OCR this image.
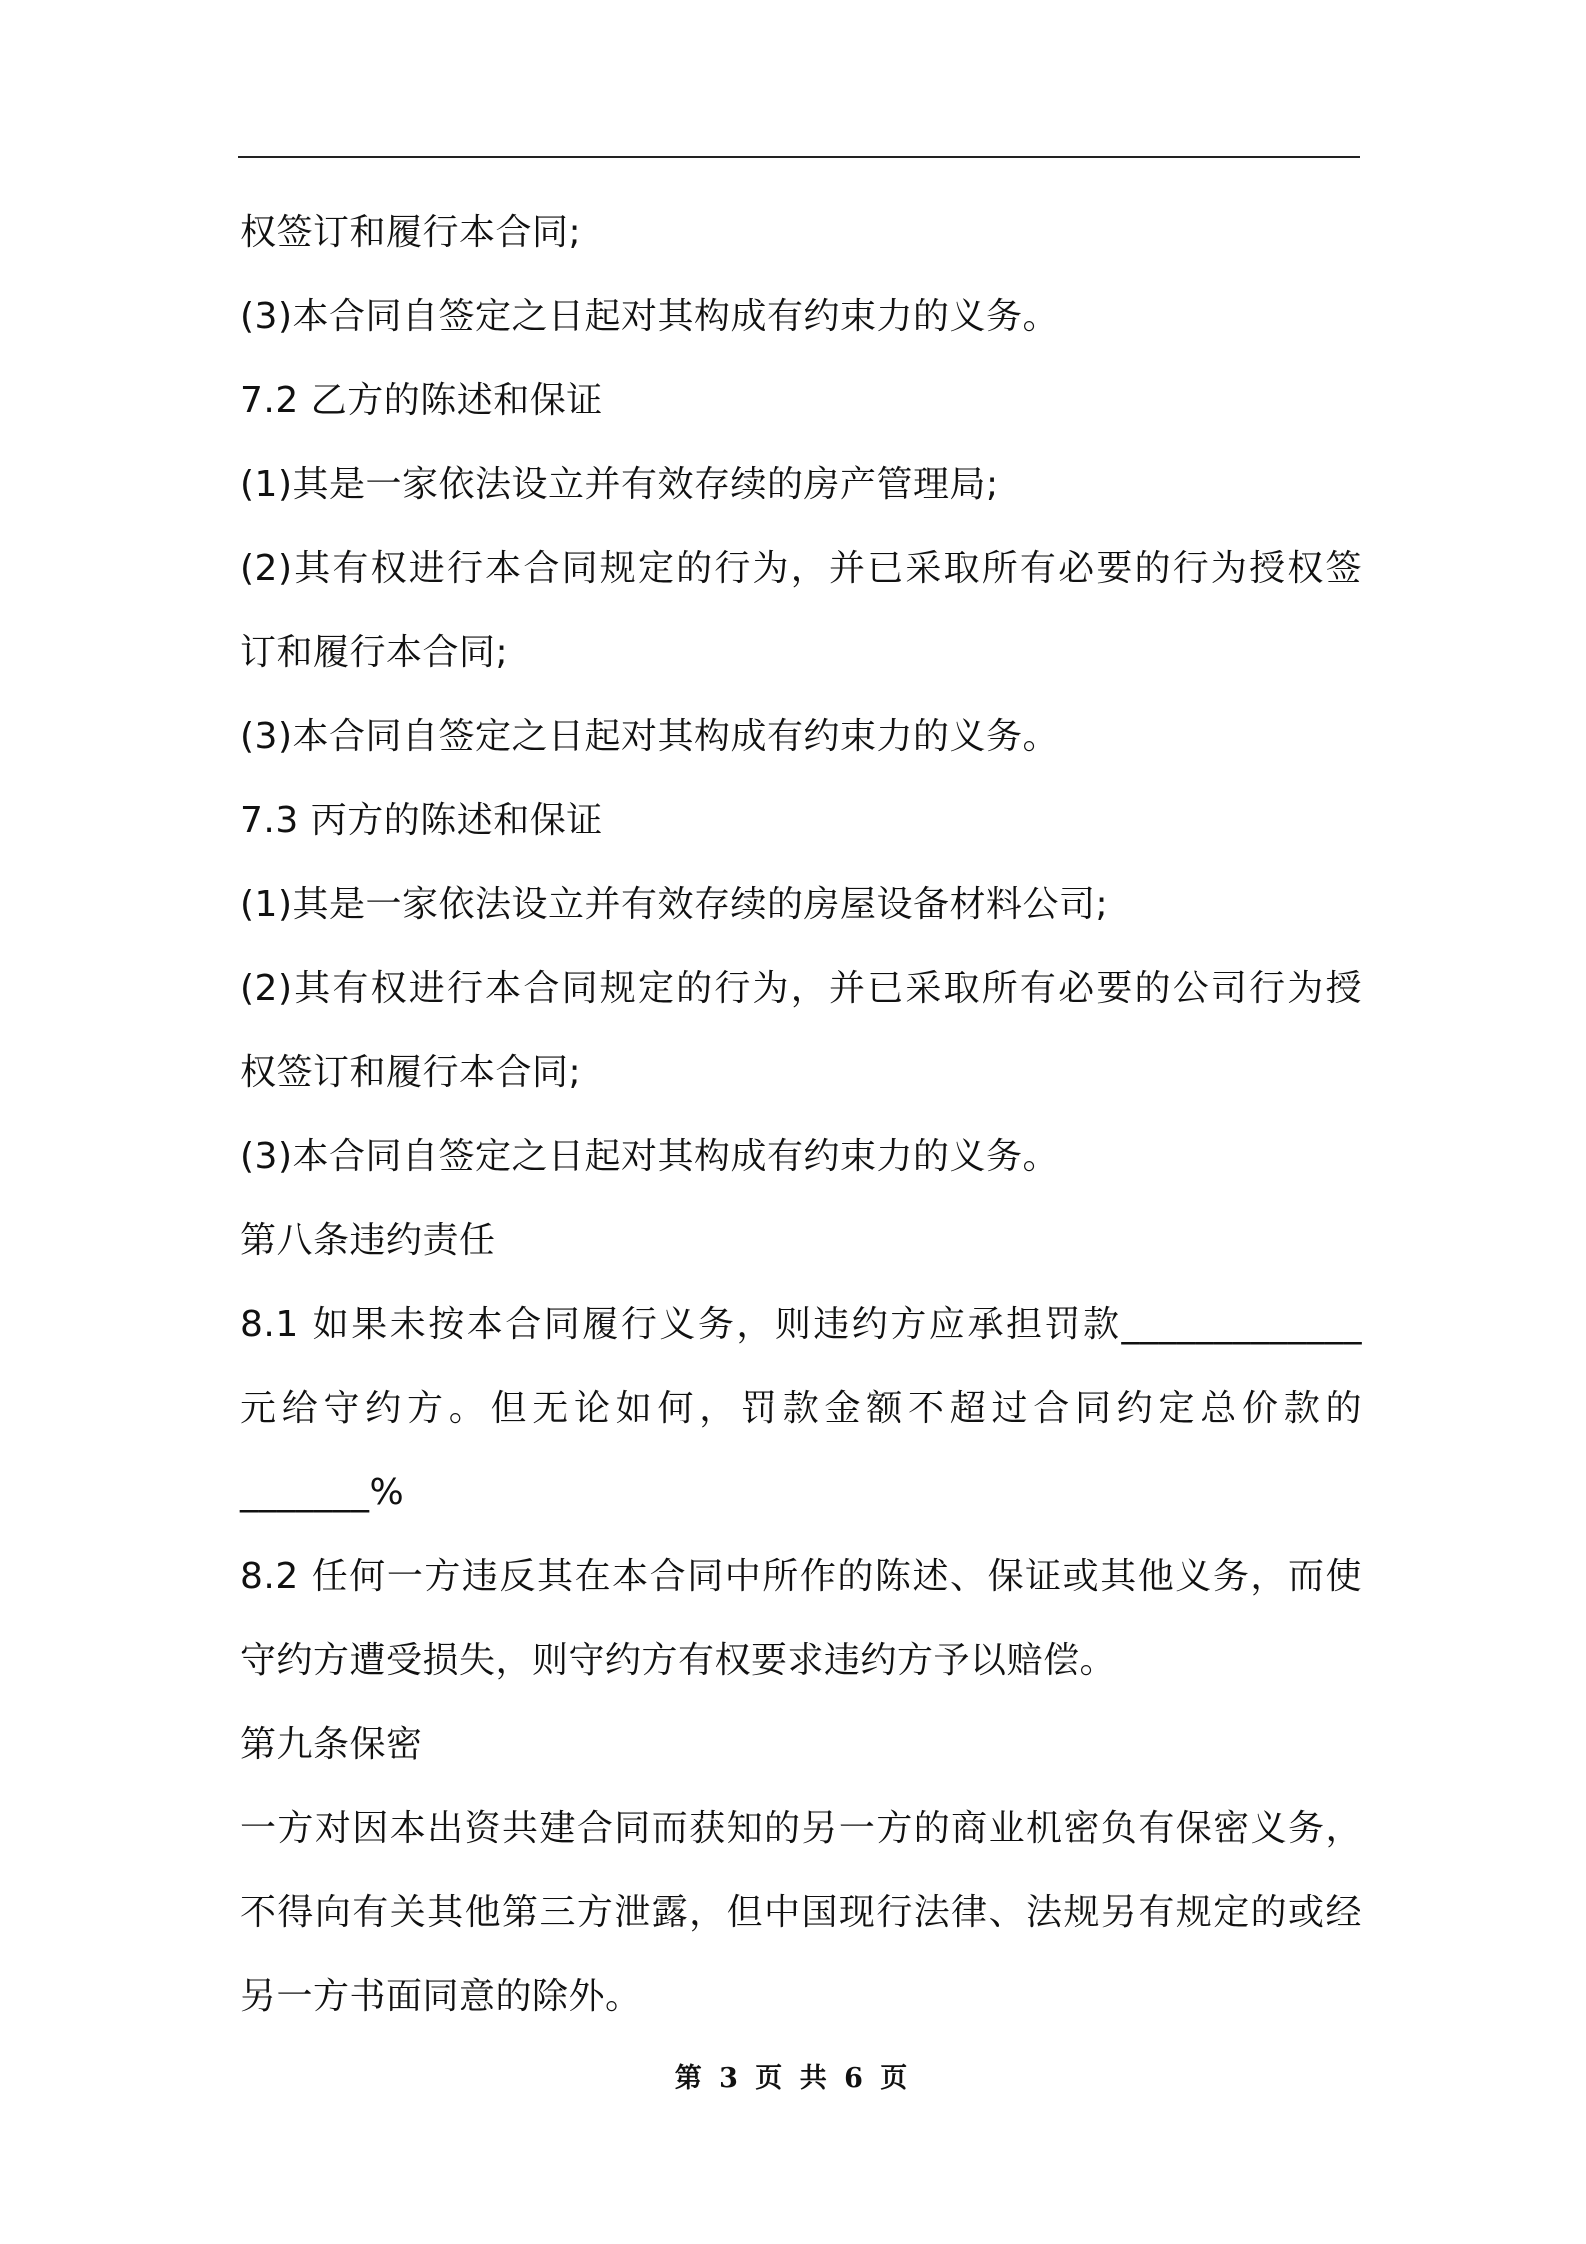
权签订和履行本合同;
(3)本合同自签定之日起对其构成有约束力的义务。
7.2 乙方的陈述和保证
(1)其是一家依法设立并有效存续的房产管理局;
(2)其有权进行本合同规定的行为，并已采取所有必要的行为授权签
订和履行本合同;
(3)本合同自签定之日起对其构成有约束力的义务。
7.3 丙方的陈述和保证
(1)其是一家依法设立并有效存续的房屋设备材料公司;
(2)其有权进行本合同规定的行为，并已采取所有必要的公司行为授
权签订和履行本合同;
(3)本合同自签定之日起对其构成有约束力的义务。
第八条违约责任
8.1 如果未按本合同履行义务，则违约方应承担罚款_____________
元给守约方。但无论如何，罚款金额不超过合同约定总价款的
_______%
8.2 任何一方违反其在本合同中所作的陈述、保证或其他义务，而使
守约方遭受损失，则守约方有权要求违约方予以赔偿。
第九条保密
一方对因本出资共建合同而获知的另一方的商业机密负有保密义务，
不得向有关其他第三方泄露，但中国现行法律、法规另有规定的或经
另一方书面同意的除外。
第 3 页 共 6 页
